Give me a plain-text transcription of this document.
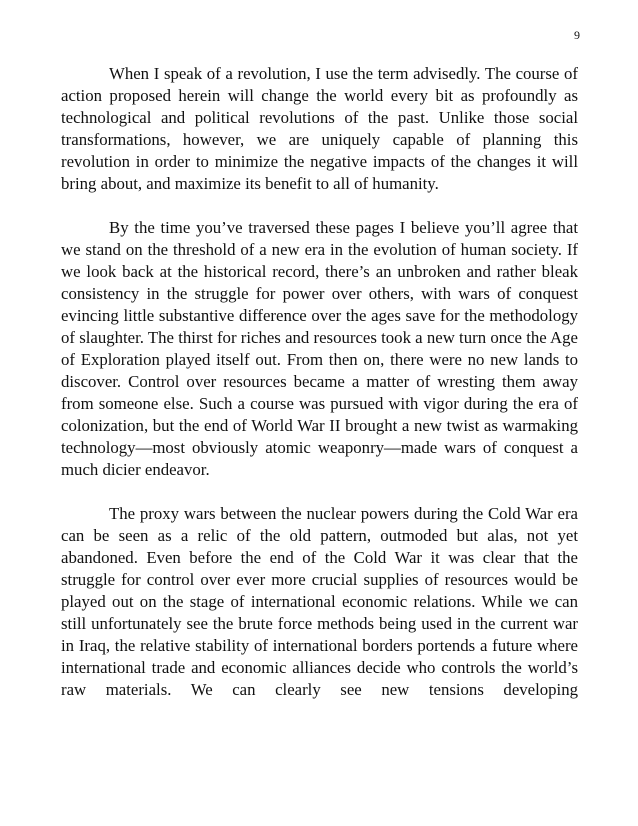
9

When I speak of a revolution, I use the term advisedly. The course of action proposed herein will change the world every bit as profoundly as technological and political revolutions of the past. Unlike those social transformations, however, we are uniquely capable of planning this revolution in order to minimize the negative impacts of the changes it will bring about, and maximize its benefit to all of humanity.

By the time you’ve traversed these pages I believe you’ll agree that we stand on the threshold of a new era in the evolution of human society. If we look back at the historical record, there’s an unbroken and rather bleak consistency in the struggle for power over others, with wars of conquest evincing little substantive difference over the ages save for the methodology of slaughter. The thirst for riches and resources took a new turn once the Age of Exploration played itself out. From then on, there were no new lands to discover. Control over resources became a matter of wresting them away from someone else. Such a course was pursued with vigor during the era of colonization, but the end of World War II brought a new twist as warmaking technology—most obviously atomic weaponry—made wars of conquest a much dicier endeavor.

The proxy wars between the nuclear powers during the Cold War era can be seen as a relic of the old pattern, outmoded but alas, not yet abandoned. Even before the end of the Cold War it was clear that the struggle for control over ever more crucial supplies of resources would be played out on the stage of international economic relations. While we can still unfortunately see the brute force methods being used in the current war in Iraq, the relative stability of international borders portends a future where international trade and economic alliances decide who controls the world’s raw materials. We can clearly see new tensions developing
